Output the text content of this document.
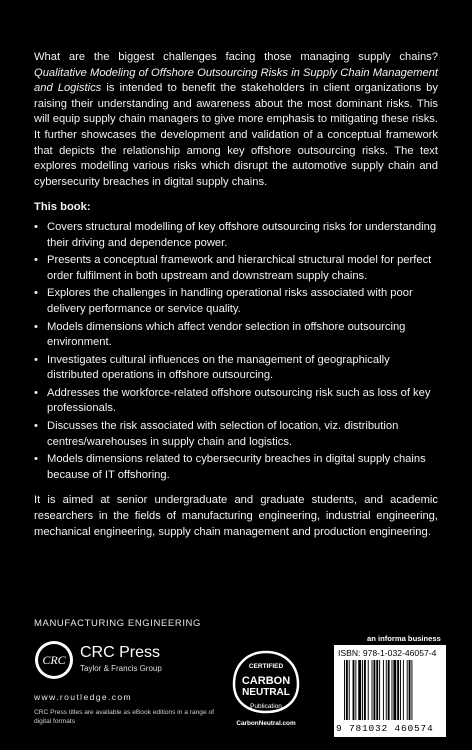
What are the biggest challenges facing those managing supply chains? Qualitative Modeling of Offshore Outsourcing Risks in Supply Chain Management and Logistics is intended to benefit the stakeholders in client organizations by raising their understanding and awareness about the most dominant risks. This will equip supply chain managers to give more emphasis to mitigating these risks. It further showcases the development and validation of a conceptual framework that depicts the relationship among key offshore outsourcing risks. The text explores modelling various risks which disrupt the automotive supply chain and cybersecurity breaches in digital supply chains.

This book:
• Covers structural modelling of key offshore outsourcing risks for understanding their driving and dependence power.
• Presents a conceptual framework and hierarchical structural model for perfect order fulfilment in both upstream and downstream supply chains.
• Explores the challenges in handling operational risks associated with poor delivery performance or service quality.
• Models dimensions which affect vendor selection in offshore outsourcing environment.
• Investigates cultural influences on the management of geographically distributed operations in offshore outsourcing.
• Addresses the workforce-related offshore outsourcing risk such as loss of key professionals.
• Discusses the risk associated with selection of location, viz. distribution centres/warehouses in supply chain and logistics.
• Models dimensions related to cybersecurity breaches in digital supply chains because of IT offshoring.

It is aimed at senior undergraduate and graduate students, and academic researchers in the fields of manufacturing engineering, industrial engineering, mechanical engineering, supply chain management and production engineering.

MANUFACTURING ENGINEERING
CRC CRC Press
Taylor & Francis Group
www.routledge.com
CRC Press titles are available as eBook editions in a range of digital formats
CERTIFIED
CARBON
NEUTRAL
Publication
CarbonNeutral.com
an informa business
ISBN: 978-1-032-46057-4
9 781032 460574
